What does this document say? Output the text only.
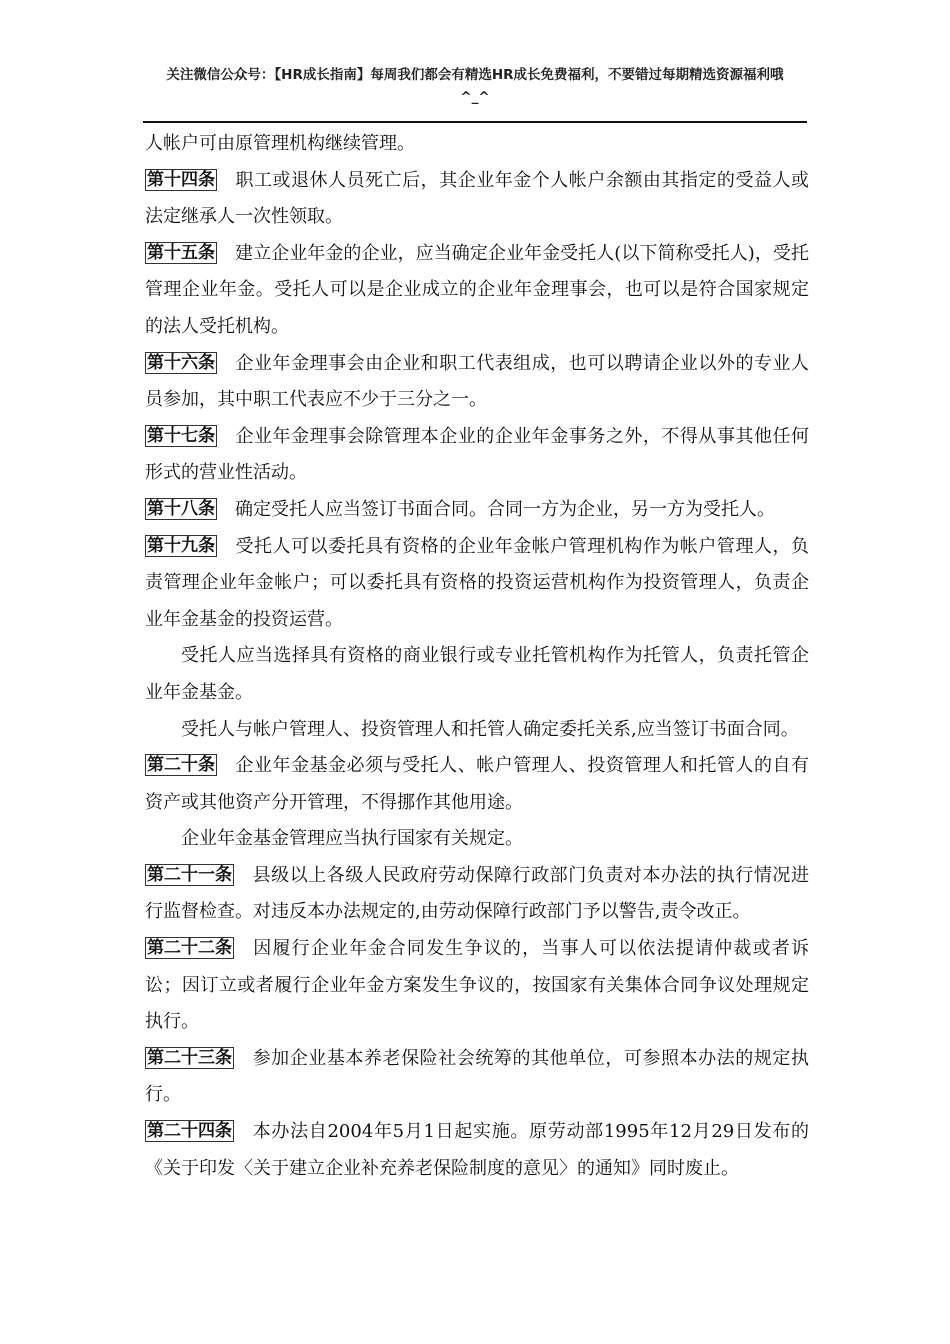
关注微信公众号：【HR成长指南】每周我们都会有精选HR成长免费福利，不要错过每期精选资源福利哦
^_^

人帐户可由原管理机构继续管理。

第十四条 职工或退休人员死亡后，其企业年金个人帐户余额由其指定的受益人或法定继承人一次性领取。

第十五条 建立企业年金的企业，应当确定企业年金受托人(以下简称受托人)，受托管理企业年金。受托人可以是企业成立的企业年金理事会，也可以是符合国家规定的法人受托机构。

第十六条 企业年金理事会由企业和职工代表组成，也可以聘请企业以外的专业人员参加，其中职工代表应不少于三分之一。

第十七条 企业年金理事会除管理本企业的企业年金事务之外，不得从事其他任何形式的营业性活动。

第十八条 确定受托人应当签订书面合同。合同一方为企业，另一方为受托人。

第十九条 受托人可以委托具有资格的企业年金帐户管理机构作为帐户管理人，负责管理企业年金帐户；可以委托具有资格的投资运营机构作为投资管理人，负责企业年金基金的投资运营。

受托人应当选择具有资格的商业银行或专业托管机构作为托管人，负责托管企业年金基金。

受托人与帐户管理人、投资管理人和托管人确定委托关系,应当签订书面合同。

第二十条 企业年金基金必须与受托人、帐户管理人、投资管理人和托管人的自有资产或其他资产分开管理，不得挪作其他用途。

企业年金基金管理应当执行国家有关规定。

第二十一条 县级以上各级人民政府劳动保障行政部门负责对本办法的执行情况进行监督检查。对违反本办法规定的,由劳动保障行政部门予以警告,责令改正。

第二十二条 因履行企业年金合同发生争议的，当事人可以依法提请仲裁或者诉讼；因订立或者履行企业年金方案发生争议的，按国家有关集体合同争议处理规定执行。

第二十三条 参加企业基本养老保险社会统筹的其他单位，可参照本办法的规定执行。

第二十四条 本办法自2004年5月1日起实施。原劳动部1995年12月29日发布的《关于印发〈关于建立企业补充养老保险制度的意见〉的通知》同时废止。
